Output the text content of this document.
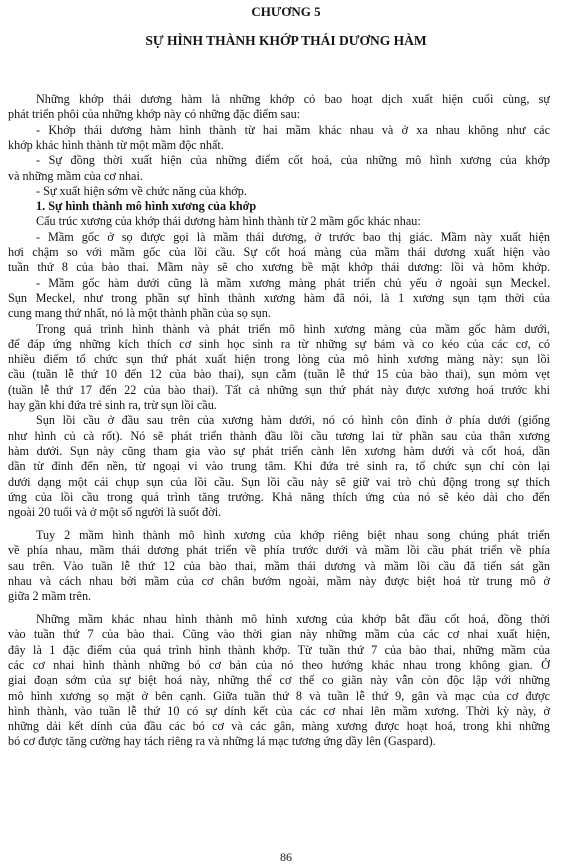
CHƯƠNG 5
SỰ HÌNH THÀNH KHỚP THÁI DƯƠNG HÀM
Những khớp thái dương hàm là những khớp có bao hoạt dịch xuất hiện cuối cùng, sự
phát triển phôi của những khớp này có những đặc điểm sau:
- Khớp thái dương hàm hình thành từ hai mầm khác nhau và ở xa nhau không như các
khớp khác hình thành từ một mầm độc nhất.
- Sự đồng thời xuất hiện của những điểm cốt hoá, của những mô hình xương của khớp
và những mầm của cơ nhai.
- Sự xuất hiện sớm về chức năng của khớp.
1. Sự hình thành mô hình xương của khớp
Cấu trúc xương của khớp thái dương hàm hình thành từ 2 mầm gốc khác nhau:
- Mầm gốc ở sọ được gọi là mầm thái dương, ở trước bao thị giác. Mầm này xuất hiện
hơi chậm so với mầm gốc của lồi cầu. Sự cốt hoá màng của mầm thái dương xuất hiện vào
tuần thứ 8 của bào thai. Mầm này sẽ cho xương bề mặt khớp thái dương: lồi và hõm khớp.
- Mầm gốc hàm dưới cũng là mầm xương màng phát triển chủ yếu ở ngoài sụn Meckel.
Sụn Meckel, như trong phần sự hình thành xương hàm đã nói, là 1 xương sụn tạm thời của
cung mang thứ nhất, nó là một thành phần của sọ sụn.
Trong quá trình hình thành và phát triển mô hình xương màng của mầm gốc hàm dưới,
để đáp ứng những kích thích cơ sinh học sinh ra từ những sự bám và co kéo của các cơ, có
nhiều điểm tổ chức sụn thứ phát xuất hiện trong lòng của mô hình xương màng này: sụn lồi
cầu (tuần lễ thứ 10 đến 12 của bào thai), sụn cằm (tuần lễ thứ 15 của bào thai), sụn mỏm vẹt
(tuần lễ thứ 17 đến 22 của bào thai). Tất cả những sụn thứ phát này được xương hoá trước khi
hay gần khi đứa trẻ sinh ra, trừ sụn lồi cầu.
Sụn lồi cầu ở đầu sau trên của xương hàm dưới, nó có hình côn đỉnh ở phía dưới (giống
như hình củ cà rốt). Nó sẽ phát triển thành đầu lồi cầu tương lai từ phần sau của thân xương
hàm dưới. Sụn này cũng tham gia vào sự phát triển cành lên xương hàm dưới và cốt hoá, dần
dần từ đỉnh đến nền, từ ngoại vi vào trung tâm. Khi đứa trẻ sinh ra, tổ chức sụn chỉ còn lại
dưới dạng một cái chụp sụn của lồi cầu. Sụn lồi cầu này sẽ giữ vai trò chủ động trong sự thích
ứng của lồi cầu trong quá trình tăng trưởng. Khả năng thích ứng của nó sẽ kéo dài cho đến
ngoài 20 tuổi và ở một số người là suốt đời.
Tuy 2 mầm hình thành mô hình xương của khớp riêng biệt nhau song chúng phát triển
về phía nhau, mầm thái dương phát triển về phía trước dưới và mầm lồi cầu phát triển về phía
sau trên. Vào tuần lễ thứ 12 của bào thai, mầm thái dương và mầm lồi cầu đã tiến sát gần
nhau và cách nhau bởi mầm của cơ chân bướm ngoài, mầm này được biệt hoá từ trung mô ở
giữa 2 mầm trên.
Những mầm khác nhau hình thành mô hình xương của khớp bắt đầu cốt hoá, đồng thời
vào tuần thứ 7 của bào thai. Cũng vào thời gian này những mầm của các cơ nhai xuất hiện,
đây là 1 đặc điểm của quá trình hình thành khớp. Từ tuần thứ 7 của bào thai, những mầm của
các cơ nhai hình thành những bó cơ bản của nó theo hướng khác nhau trong không gian. Ở
giai đoạn sớm của sự biệt hoá này, những thể cơ thể co giãn này vẫn còn độc lập với những
mô hình xương sọ mặt ở bên cạnh. Giữa tuần thứ 8 và tuần lễ thứ 9, gân và mạc của cơ được
hình thành, vào tuần lễ thứ 10 có sự dính kết của các cơ nhai lên mầm xương. Thời kỳ này, ở
những dải kết dính của đầu các bó cơ và các gân, màng xương được hoạt hoá, trong khi những
bó cơ được tăng cường hay tách riêng ra và những lá mạc tương ứng dầy lên (Gaspard).
86
